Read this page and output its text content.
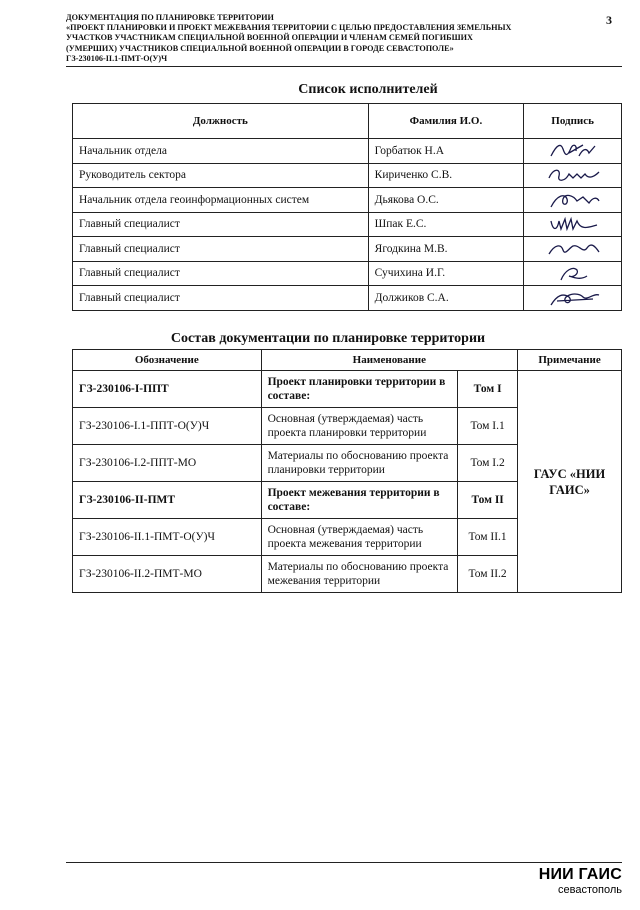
ДОКУМЕНТАЦИЯ ПО ПЛАНИРОВКЕ ТЕРРИТОРИИ
«ПРОЕКТ ПЛАНИРОВКИ И ПРОЕКТ МЕЖЕВАНИЯ ТЕРРИТОРИИ С ЦЕЛЬЮ ПРЕДОСТАВЛЕНИЯ ЗЕМЕЛЬНЫХ
УЧАСТКОВ УЧАСТНИКАМ СПЕЦИАЛЬНОЙ ВОЕННОЙ ОПЕРАЦИИ И ЧЛЕНАМ СЕМЕЙ ПОГИБШИХ
(УМЕРШИХ) УЧАСТНИКОВ СПЕЦИАЛЬНОЙ ВОЕННОЙ ОПЕРАЦИИ В ГОРОДЕ СЕВАСТОПОЛЕ»
ГЗ-230106-II.1-ПМТ-О(У)Ч
3
Список исполнителей
Должность	Фамилия И.О.	Подпись
Начальник отдела	Горбатюк Н.А	

Руководитель сектора	Кириченко С.В.	

Начальник отдела геоинформационных систем	Дьякова О.С.	

Главный специалист	Шпак Е.С.	

Главный специалист	Ягодкина М.В.	

Главный специалист	Сучихина И.Г.	

Главный специалист	Должиков С.А.	
Состав документации по планировке территории
Обозначение	Наименование		Примечание
ГЗ-230106-I-ППТ	Проект планировки территории в составе:	Том I	ГАУС «НИИ ГАИС»
ГЗ-230106-I.1-ППТ-О(У)Ч	Основная (утверждаемая) часть проекта планировки территории	Том I.1	
ГЗ-230106-I.2-ППТ-МО	Материалы по обоснованию проекта планировки территории	Том I.2	
ГЗ-230106-II-ПМТ	Проект межевания территории в составе:	Том II	
ГЗ-230106-II.1-ПМТ-О(У)Ч	Основная (утверждаемая) часть проекта межевания территории	Том II.1	
ГЗ-230106-II.2-ПМТ-МО	Материалы по обоснованию проекта межевания территории	Том II.2	
НИИ ГАИС
севастополь
